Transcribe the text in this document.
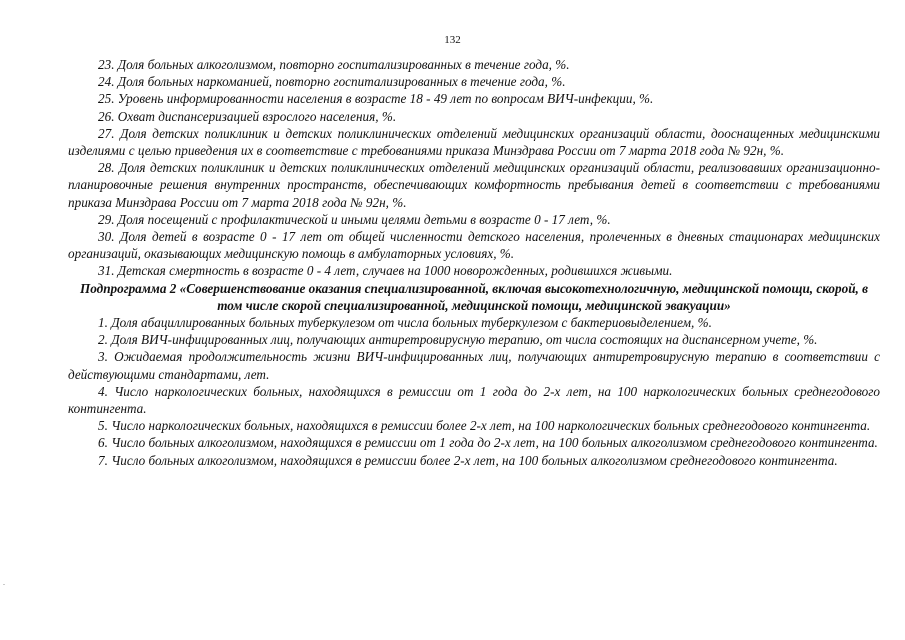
132

23. Доля больных алкоголизмом, повторно госпитализированных в течение года, %.

24. Доля больных наркоманией, повторно госпитализированных в течение года, %.

25. Уровень информированности населения в возрасте 18 - 49 лет по вопросам ВИЧ-инфекции, %.

26. Охват диспансеризацией взрослого населения, %.

27. Доля детских поликлиник и детских поликлинических отделений медицинских организаций области, дооснащенных медицинскими изделиями с целью приведения их в соответствие с требованиями приказа Минздрава России от 7 марта 2018 года № 92н, %.

28. Доля детских поликлиник и детских поликлинических отделений медицинских организаций области, реализовавших организационно-планировочные решения внутренних пространств, обеспечивающих комфортность пребывания детей в соответствии с требованиями приказа Минздрава России от 7 марта 2018 года № 92н, %.

29. Доля посещений с профилактической и иными целями детьми в возрасте 0 - 17 лет, %.

30. Доля детей в возрасте 0 - 17 лет от общей численности детского населения, пролеченных в дневных стационарах медицинских организаций, оказывающих медицинскую помощь в амбулаторных условиях, %.

31. Детская смертность в возрасте 0 - 4 лет, случаев на 1000 новорожденных, родившихся живыми.

Подпрограмма 2 «Совершенствование оказания специализированной, включая высокотехнологичную, медицинской помощи, скорой, в том числе скорой специализированной, медицинской помощи, медицинской эвакуации»

1. Доля абациллированных больных туберкулезом от числа больных туберкулезом с бактериовыделением, %.

2. Доля ВИЧ-инфицированных лиц, получающих антиретровирусную терапию, от числа состоящих на диспансерном учете, %.

3. Ожидаемая продолжительность жизни ВИЧ-инфицированных лиц, получающих антиретровирусную терапию в соответствии с действующими стандартами, лет.

4. Число наркологических больных, находящихся в ремиссии от 1 года до 2-х лет, на 100 наркологических больных среднегодового контингента.

5. Число наркологических больных, находящихся в ремиссии более 2-х лет, на 100 наркологических больных среднегодового контингента.

6. Число больных алкоголизмом, находящихся в ремиссии от 1 года до 2-х лет, на 100 больных алкоголизмом среднегодового контингента.

7. Число больных алкоголизмом, находящихся в ремиссии более 2-х лет, на 100 больных алкоголизмом среднегодового контингента.

.
